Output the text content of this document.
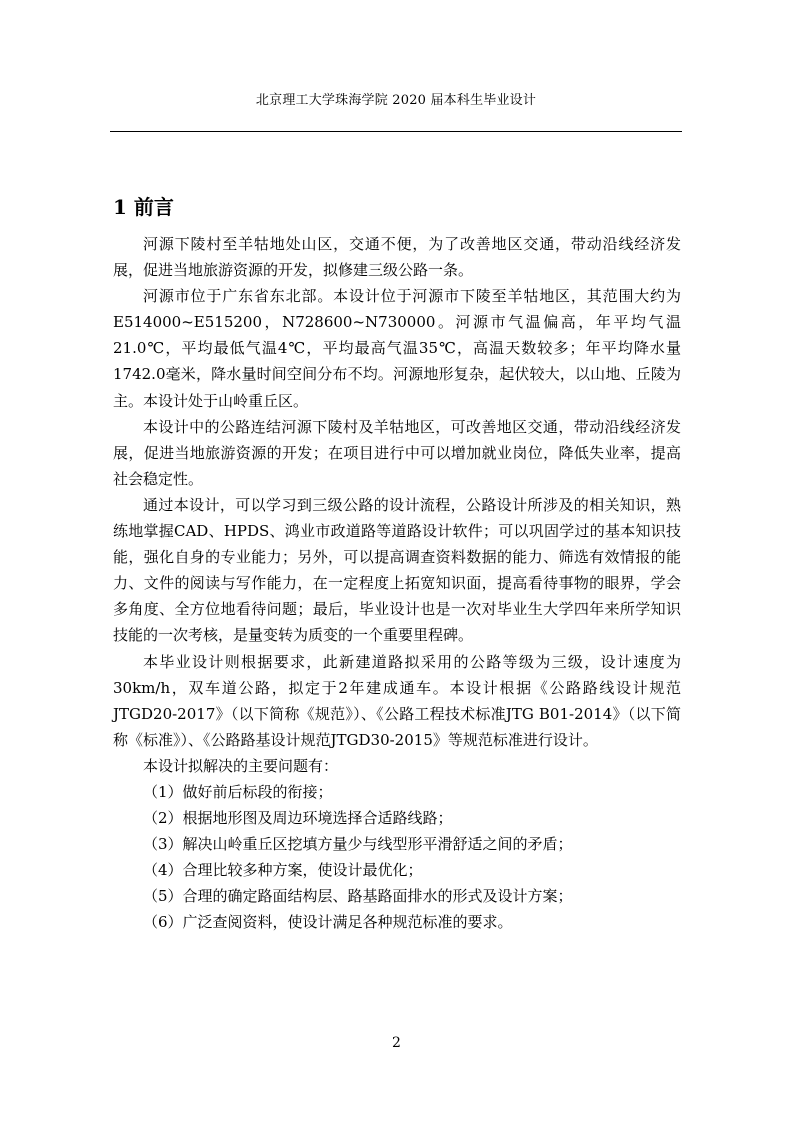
北京理工大学珠海学院 2020 届本科生毕业设计
1 前言

河源下陵村至羊牯地处山区，交通不便，为了改善地区交通，带动沿线经济发展，促进当地旅游资源的开发，拟修建三级公路一条。

河源市位于广东省东北部。本设计位于河源市下陵至羊牯地区，其范围大约为E514000~E515200，N728600~N730000。河源市气温偏高，年平均气温21.0℃，平均最低气温4℃，平均最高气温35℃，高温天数较多；年平均降水量1742.0毫米，降水量时间空间分布不均。河源地形复杂，起伏较大，以山地、丘陵为主。本设计处于山岭重丘区。

本设计中的公路连结河源下陵村及羊牯地区，可改善地区交通，带动沿线经济发展，促进当地旅游资源的开发；在项目进行中可以增加就业岗位，降低失业率，提高社会稳定性。

通过本设计，可以学习到三级公路的设计流程，公路设计所涉及的相关知识，熟练地掌握CAD、HPDS、鸿业市政道路等道路设计软件；可以巩固学过的基本知识技能，强化自身的专业能力；另外，可以提高调查资料数据的能力、筛选有效情报的能力、文件的阅读与写作能力，在一定程度上拓宽知识面，提高看待事物的眼界，学会多角度、全方位地看待问题；最后，毕业设计也是一次对毕业生大学四年来所学知识技能的一次考核，是量变转为质变的一个重要里程碑。

本毕业设计则根据要求，此新建道路拟采用的公路等级为三级，设计速度为30km/h，双车道公路，拟定于2年建成通车。本设计根据《公路路线设计规范JTGD20-2017》（以下简称《规范》）、《公路工程技术标准JTG B01-2014》（以下简称《标准》）、《公路路基设计规范JTGD30-2015》等规范标准进行设计。

本设计拟解决的主要问题有：

（1）做好前后标段的衔接；
（2）根据地形图及周边环境选择合适路线路；
（3）解决山岭重丘区挖填方量少与线型形平滑舒适之间的矛盾；
（4）合理比较多种方案，使设计最优化；
（5）合理的确定路面结构层、路基路面排水的形式及设计方案；
（6）广泛查阅资料，使设计满足各种规范标准的要求。
2
